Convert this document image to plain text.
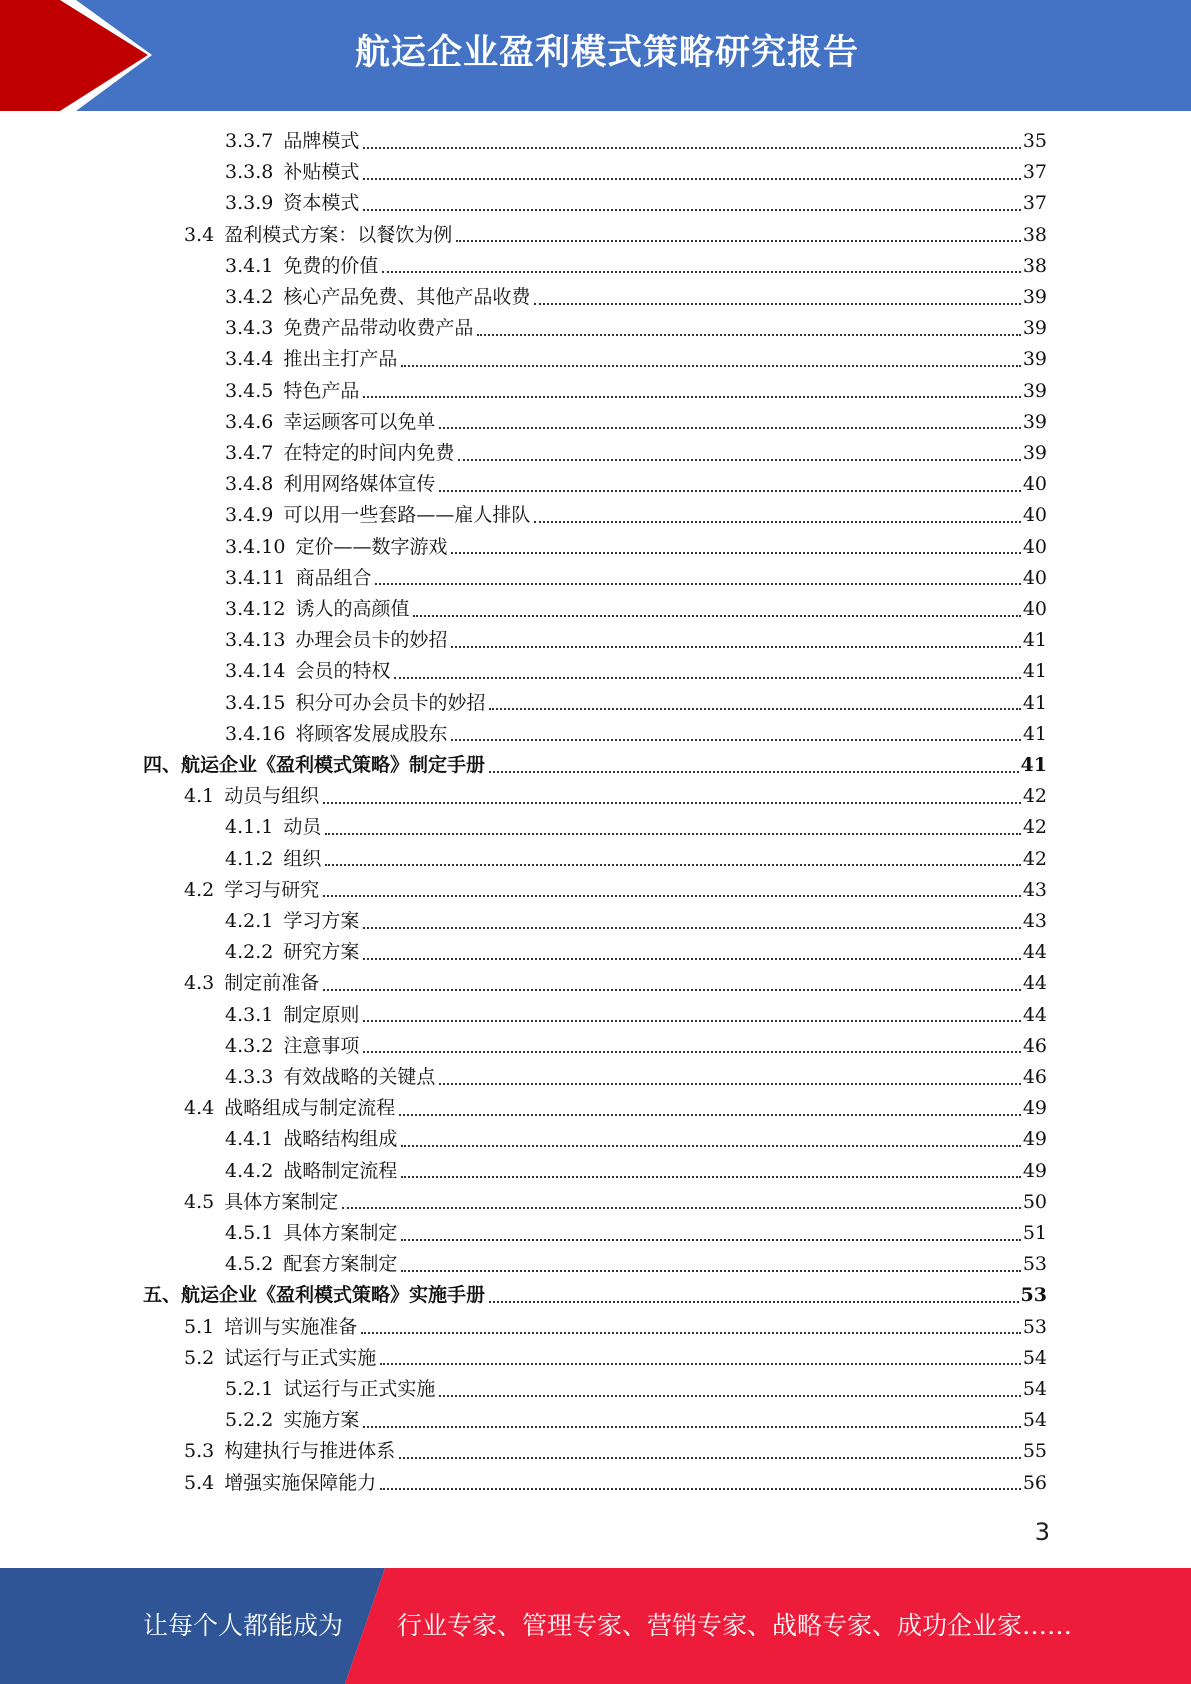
航运企业盈利模式策略研究报告
3.3.7 品牌模式	35
3.3.8 补贴模式	37
3.3.9 资本模式	37
3.4 盈利模式方案：以餐饮为例	38
3.4.1 免费的价值	38
3.4.2 核心产品免费、其他产品收费	39
3.4.3 免费产品带动收费产品	39
3.4.4 推出主打产品	39
3.4.5 特色产品	39
3.4.6 幸运顾客可以免单	39
3.4.7 在特定的时间内免费	39
3.4.8 利用网络媒体宣传	40
3.4.9 可以用一些套路——雇人排队	40
3.4.10 定价——数字游戏	40
3.4.11 商品组合	40
3.4.12 诱人的高颜值	40
3.4.13 办理会员卡的妙招	41
3.4.14 会员的特权	41
3.4.15 积分可办会员卡的妙招	41
3.4.16 将顾客发展成股东	41
四、 航运企业《盈利模式策略》制定手册	41
4.1 动员与组织	42
4.1.1 动员	42
4.1.2 组织	42
4.2 学习与研究	43
4.2.1 学习方案	43
4.2.2 研究方案	44
4.3 制定前准备	44
4.3.1 制定原则	44
4.3.2 注意事项	46
4.3.3 有效战略的关键点	46
4.4 战略组成与制定流程	49
4.4.1 战略结构组成	49
4.4.2 战略制定流程	49
4.5 具体方案制定	50
4.5.1 具体方案制定	51
4.5.2 配套方案制定	53
五、 航运企业《盈利模式策略》实施手册	53
5.1 培训与实施准备	53
5.2 试运行与正式实施	54
5.2.1 试运行与正式实施	54
5.2.2 实施方案	54
5.3 构建执行与推进体系	55
5.4 增强实施保障能力	56
3
让每个人都能成为 行业专家、管理专家、营销专家、战略专家、成功企业家……
